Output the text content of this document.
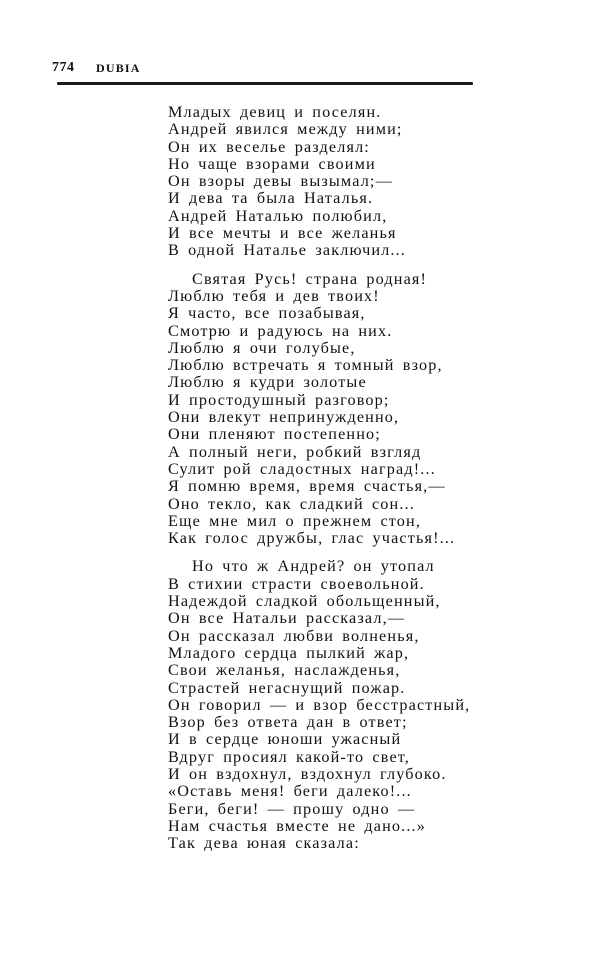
774 DUBIA
Младых девиц и поселян.
Андрей явился между ними;
Он их веселье разделял:
Но чаще взорами своими
Он взоры девы вызымал;—
И дева та была Наталья.
Андрей Наталью полюбил,
И все мечты и все желанья
В одной Наталье заключил...
Святая Русь! страна родная!
Люблю тебя и дев твоих!
Я часто, все позабывая,
Смотрю и радуюсь на них.
Люблю я очи голубые,
Люблю встречать я томный взор,
Люблю я кудри золотые
И простодушный разговор;
Они влекут непринужденно,
Они пленяют постепенно;
А полный неги, робкий взгляд
Сулит рой сладостных наград!...
Я помню время, время счастья,—
Оно текло, как сладкий сон...
Еще мне мил о прежнем стон,
Как голос дружбы, глас участья!...
Но что ж Андрей? он утопал
В стихии страсти своевольной.
Надеждой сладкой обольщенный,
Он все Натальи рассказал,—
Он рассказал любви волненья,
Младого сердца пылкий жар,
Свои желанья, наслажденья,
Страстей негаснущий пожар.
Он говорил — и взор бесстрастный,
Взор без ответа дан в ответ;
И в сердце юноши ужасный
Вдруг просиял какой-то свет,
И он вздохнул, вздохнул глубоко.
«Оставь меня! беги далеко!...
Беги, беги! — прошу одно —
Нам счастья вместе не дано...»
Так дева юная сказала:
